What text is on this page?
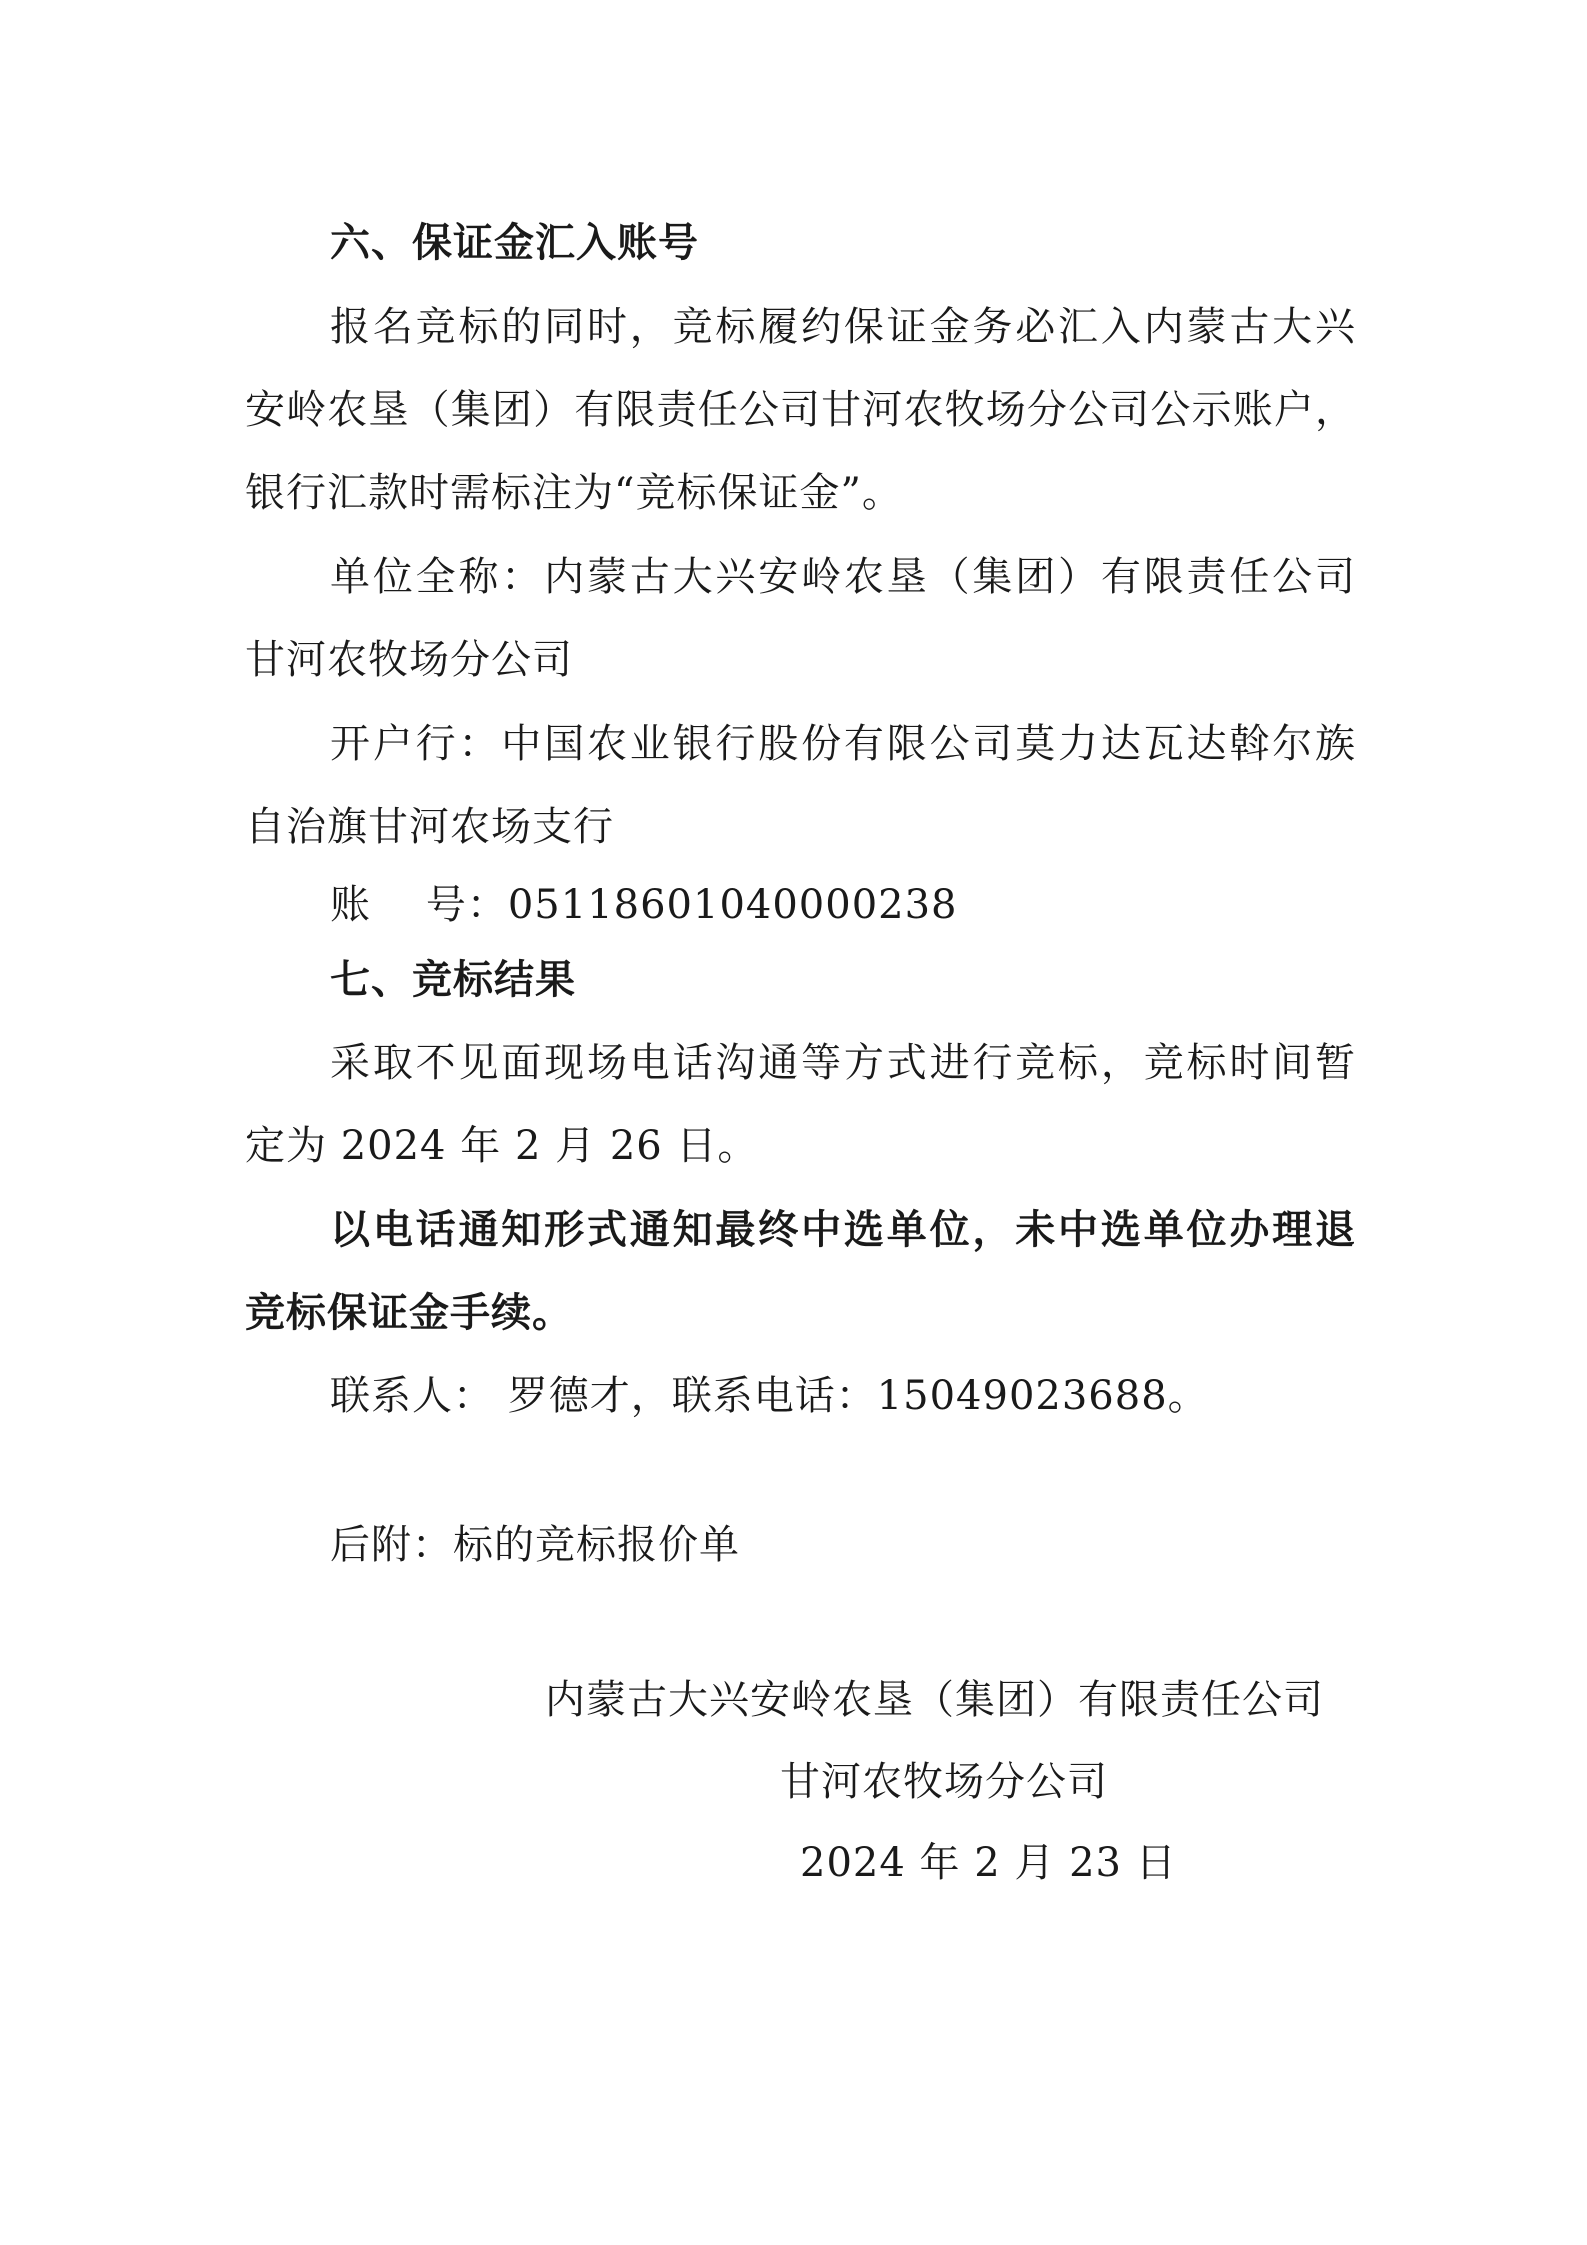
六、保证金汇入账号
报名竞标的同时，竞标履约保证金务必汇入内蒙古大兴
安岭农垦（集团）有限责任公司甘河农牧场分公司公示账户，
银行汇款时需标注为“竞标保证金”。
单位全称：内蒙古大兴安岭农垦（集团）有限责任公司
甘河农牧场分公司
开户行：中国农业银行股份有限公司莫力达瓦达斡尔族
自治旗甘河农场支行
账    号：05118601040000238
七、竞标结果
采取不见面现场电话沟通等方式进行竞标，竞标时间暂
定为 2024 年 2 月 26 日。
以电话通知形式通知最终中选单位，未中选单位办理退
竞标保证金手续。
联系人： 罗德才，联系电话：15049023688。
后附：标的竞标报价单
内蒙古大兴安岭农垦（集团）有限责任公司
甘河农牧场分公司
2024 年 2 月 23 日
